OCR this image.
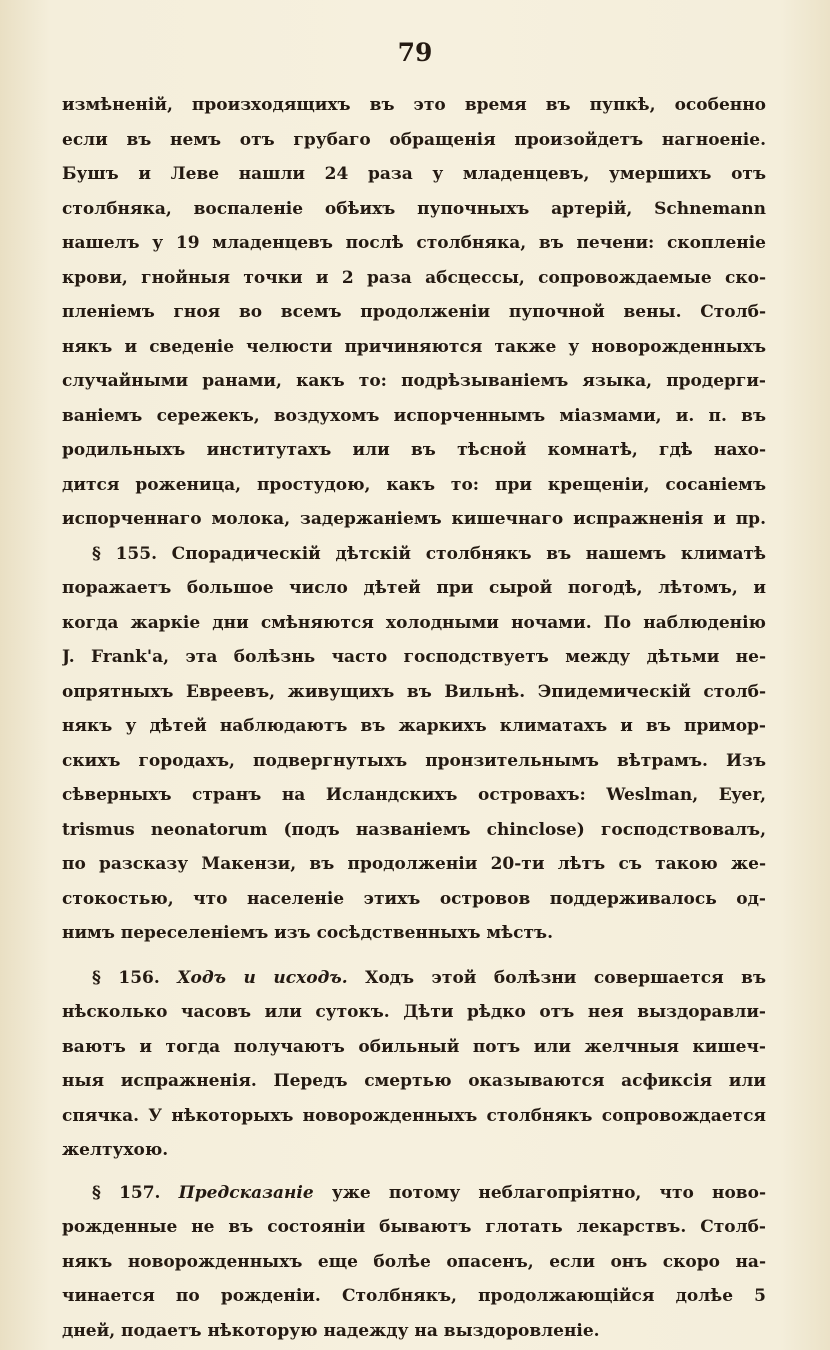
79
измѣненій, произходящихъ въ это время въ пупкѣ, особенно
если въ немъ отъ грубаго обращенія произойдетъ нагноеніе.
Бушъ и Леве нашли 24 раза у младенцевъ, умершихъ отъ
столбняка, воспаленіе обѣихъ пупочныхъ артерій, Schnemann
нашелъ у 19 младенцевъ послѣ столбняка, въ печени: скопленіе
крови, гнойныя точки и 2 раза абсцессы, сопровождаемые ско-
пленіемъ гноя во всемъ продолженіи пупочной вены. Столб-
някъ и сведеніе челюсти причиняются также у новорожденныхъ
случайными ранами, какъ то: подрѣзываніемъ языка, продерги-
ваніемъ сережекъ, воздухомъ испорченнымъ міазмами, и. п. въ
родильныхъ институтахъ или въ тѣсной комнатѣ, гдѣ нахо-
дится роженица, простудою, какъ то: при крещеніи, сосаніемъ
испорченнаго молока, задержаніемъ кишечнаго испражненія и пр.
§ 155. Спорадическій дѣтскій столбнякъ въ нашемъ климатѣ
поражаетъ большое число дѣтей при сырой погодѣ, лѣтомъ, и
когда жаркіе дни смѣняются холодными ночами. По наблюденію
J. Frank'а, эта болѣзнь часто господствуетъ между дѣтьми не-
опрятныхъ Евреевъ, живущихъ въ Вильнѣ. Эпидемическій столб-
някъ у дѣтей наблюдаютъ въ жаркихъ климатахъ и въ примор-
скихъ городахъ, подвергнутыхъ пронзительнымъ вѣтрамъ. Изъ
сѣверныхъ странъ на Исландскихъ островахъ: Weslman, Eyer,
trismus neonatorum (подъ названіемъ chinclose) господствовалъ,
по разсказу Макензи, въ продолженіи 20-ти лѣтъ съ такою же-
стокостью, что населеніе этихъ островов поддерживалось од-
нимъ переселеніемъ изъ сосѣдственныхъ мѣстъ.
§ 156. Ходъ и исходъ. Ходъ этой болѣзни совершается въ
нѣсколько часовъ или сутокъ. Дѣти рѣдко отъ нея выздоравли-
ваютъ и тогда получаютъ обильный потъ или желчныя кишеч-
ныя испражненія. Передъ смертью оказываются асфиксія или
спячка. У нѣкоторыхъ новорожденныхъ столбнякъ сопровождается
желтухою.
§ 157. Предсказаніе уже потому неблагопріятно, что ново-
рожденные не въ состояніи бываютъ глотать лекарствъ. Столб-
някъ новорожденныхъ еще болѣе опасенъ, если онъ скоро на-
чинается по рожденіи. Столбнякъ, продолжающійся долѣе 5
дней, подаетъ нѣкоторую надежду на выздоровленіе.
